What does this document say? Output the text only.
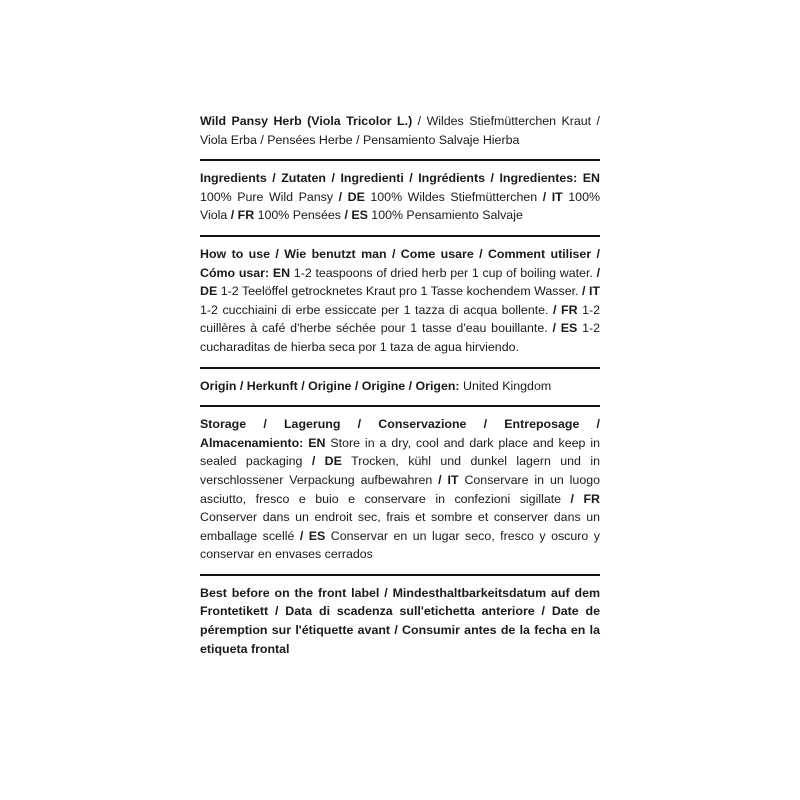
Wild Pansy Herb (Viola Tricolor L.) / Wildes Stiefmütterchen Kraut / Viola Erba / Pensées Herbe / Pensamiento Salvaje Hierba
Ingredients / Zutaten / Ingredienti / Ingrédients / Ingredientes: EN 100% Pure Wild Pansy / DE 100% Wildes Stiefmütterchen / IT 100% Viola / FR 100% Pensées / ES 100% Pensamiento Salvaje
How to use / Wie benutzt man / Come usare / Comment utiliser / Cómo usar: EN 1-2 teaspoons of dried herb per 1 cup of boiling water. / DE 1-2 Teelöffel getrocknetes Kraut pro 1 Tasse kochendem Wasser. / IT 1-2 cucchiaini di erbe essiccate per 1 tazza di acqua bollente. / FR 1-2 cuillères à café d'herbe séchée pour 1 tasse d'eau bouillante. / ES 1-2 cucharaditas de hierba seca por 1 taza de agua hirviendo.
Origin / Herkunft / Origine / Origine / Origen: United Kingdom
Storage / Lagerung / Conservazione / Entreposage / Almacenamiento: EN Store in a dry, cool and dark place and keep in sealed packaging / DE Trocken, kühl und dunkel lagern und in verschlossener Verpackung aufbewahren / IT Conservare in un luogo asciutto, fresco e buio e conservare in confezioni sigillate / FR Conserver dans un endroit sec, frais et sombre et conserver dans un emballage scellé / ES Conservar en un lugar seco, fresco y oscuro y conservar en envases cerrados
Best before on the front label / Mindesthaltbarkeitsdatum auf dem Frontetikett / Data di scadenza sull'etichetta anteriore / Date de péremption sur l'étiquette avant / Consumir antes de la fecha en la etiqueta frontal
